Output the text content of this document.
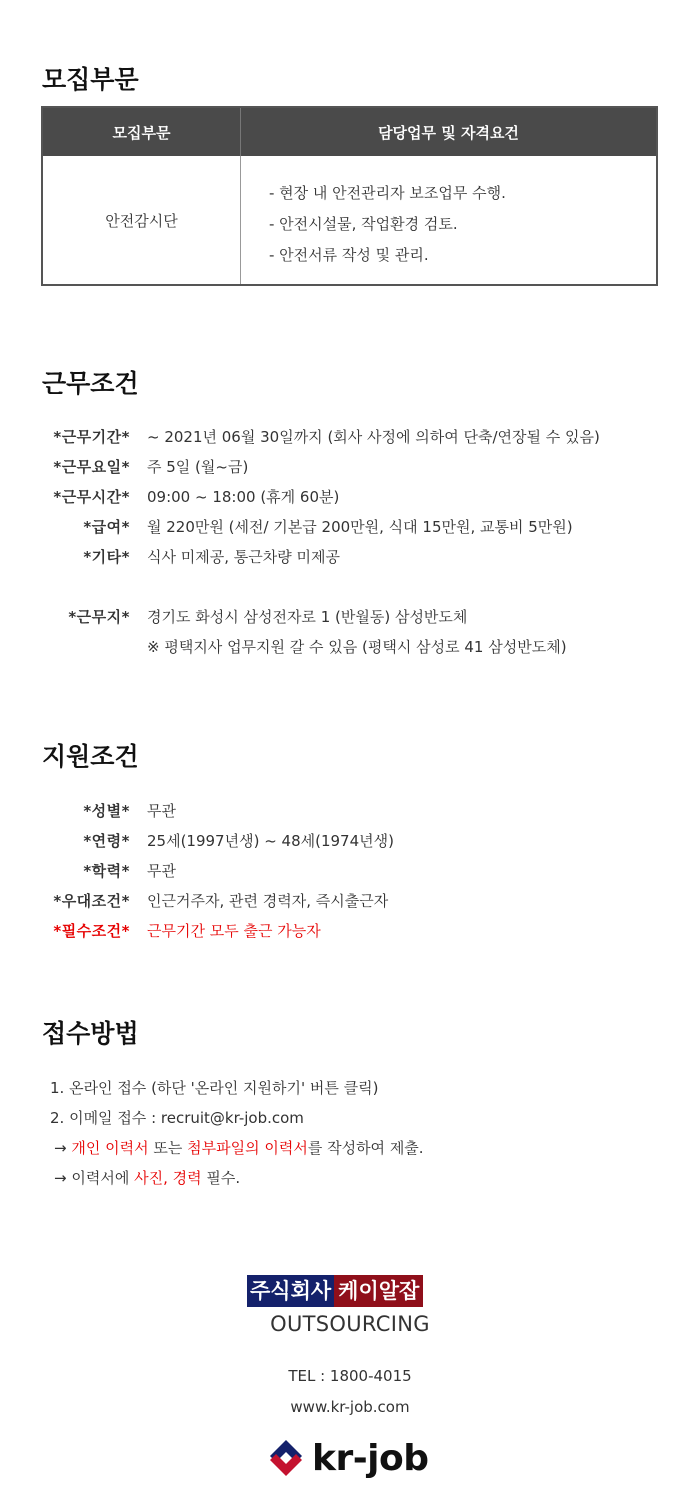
모집부문
모집부문	담당업무 및 자격요건
안전감시단
- 현장 내 안전관리자 보조업무 수행.
- 안전시설물, 작업환경 검토.
- 안전서류 작성 및 관리.
근무조건
*근무기간* ~ 2021년 06월 30일까지 (회사 사정에 의하여 단축/연장될 수 있음)
*근무요일* 주 5일 (월~금)
*근무시간* 09:00 ~ 18:00 (휴게 60분)
*급여* 월 220만원 (세전/ 기본급 200만원, 식대 15만원, 교통비 5만원)
*기타* 식사 미제공, 통근차량 미제공
*근무지* 경기도 화성시 삼성전자로 1 (반월동) 삼성반도체
※ 평택지사 업무지원 갈 수 있음 (평택시 삼성로 41 삼성반도체)
지원조건
*성별* 무관
*연령* 25세(1997년생) ~ 48세(1974년생)
*학력* 무관
*우대조건* 인근거주자, 관련 경력자, 즉시출근자
*필수조건* 근무기간 모두 출근 가능자
접수방법
1. 온라인 접수 (하단 '온라인 지원하기' 버튼 클릭)
2. 이메일 접수 : recruit@kr-job.com
→ 개인 이력서 또는 첨부파일의 이력서를 작성하여 제출.
→ 이력서에 사진, 경력 필수.
주식회사 케이알잡
OUTSOURCING
TEL : 1800-4015
www.kr-job.com
kr-job
